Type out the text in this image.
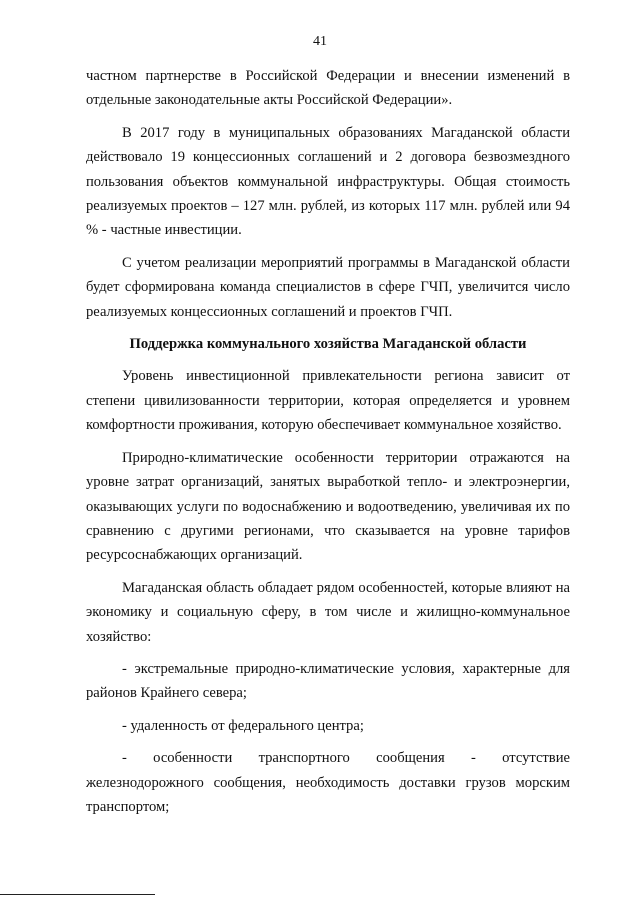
41

частном партнерстве в Российской Федерации и внесении изменений в отдельные законодательные акты Российской Федерации».

В 2017 году в муниципальных образованиях Магаданской области действовало 19 концессионных соглашений и 2 договора безвозмездного пользования объектов коммунальной инфраструктуры. Общая стоимость реализуемых проектов – 127 млн. рублей, из которых 117 млн. рублей или 94 % - частные инвестиции.

С учетом реализации мероприятий программы в Магаданской области будет сформирована команда специалистов в сфере ГЧП, увеличится число реализуемых концессионных соглашений и проектов ГЧП.

Поддержка коммунального хозяйства Магаданской области

Уровень инвестиционной привлекательности региона зависит от степени цивилизованности территории, которая определяется и уровнем комфортности проживания, которую обеспечивает коммунальное хозяйство.

Природно-климатические особенности территории отражаются на уровне затрат организаций, занятых выработкой тепло- и электроэнергии, оказывающих услуги по водоснабжению и водоотведению, увеличивая их по сравнению с другими регионами, что сказывается на уровне тарифов ресурсоснабжающих организаций.

Магаданская область обладает рядом особенностей, которые влияют на экономику и социальную сферу, в том числе и жилищно-коммунальное хозяйство:

- экстремальные природно-климатические условия, характерные для районов Крайнего севера;

- удаленность от федерального центра;

- особенности транспортного сообщения - отсутствие железнодорожного сообщения, необходимость доставки грузов морским транспортом;
